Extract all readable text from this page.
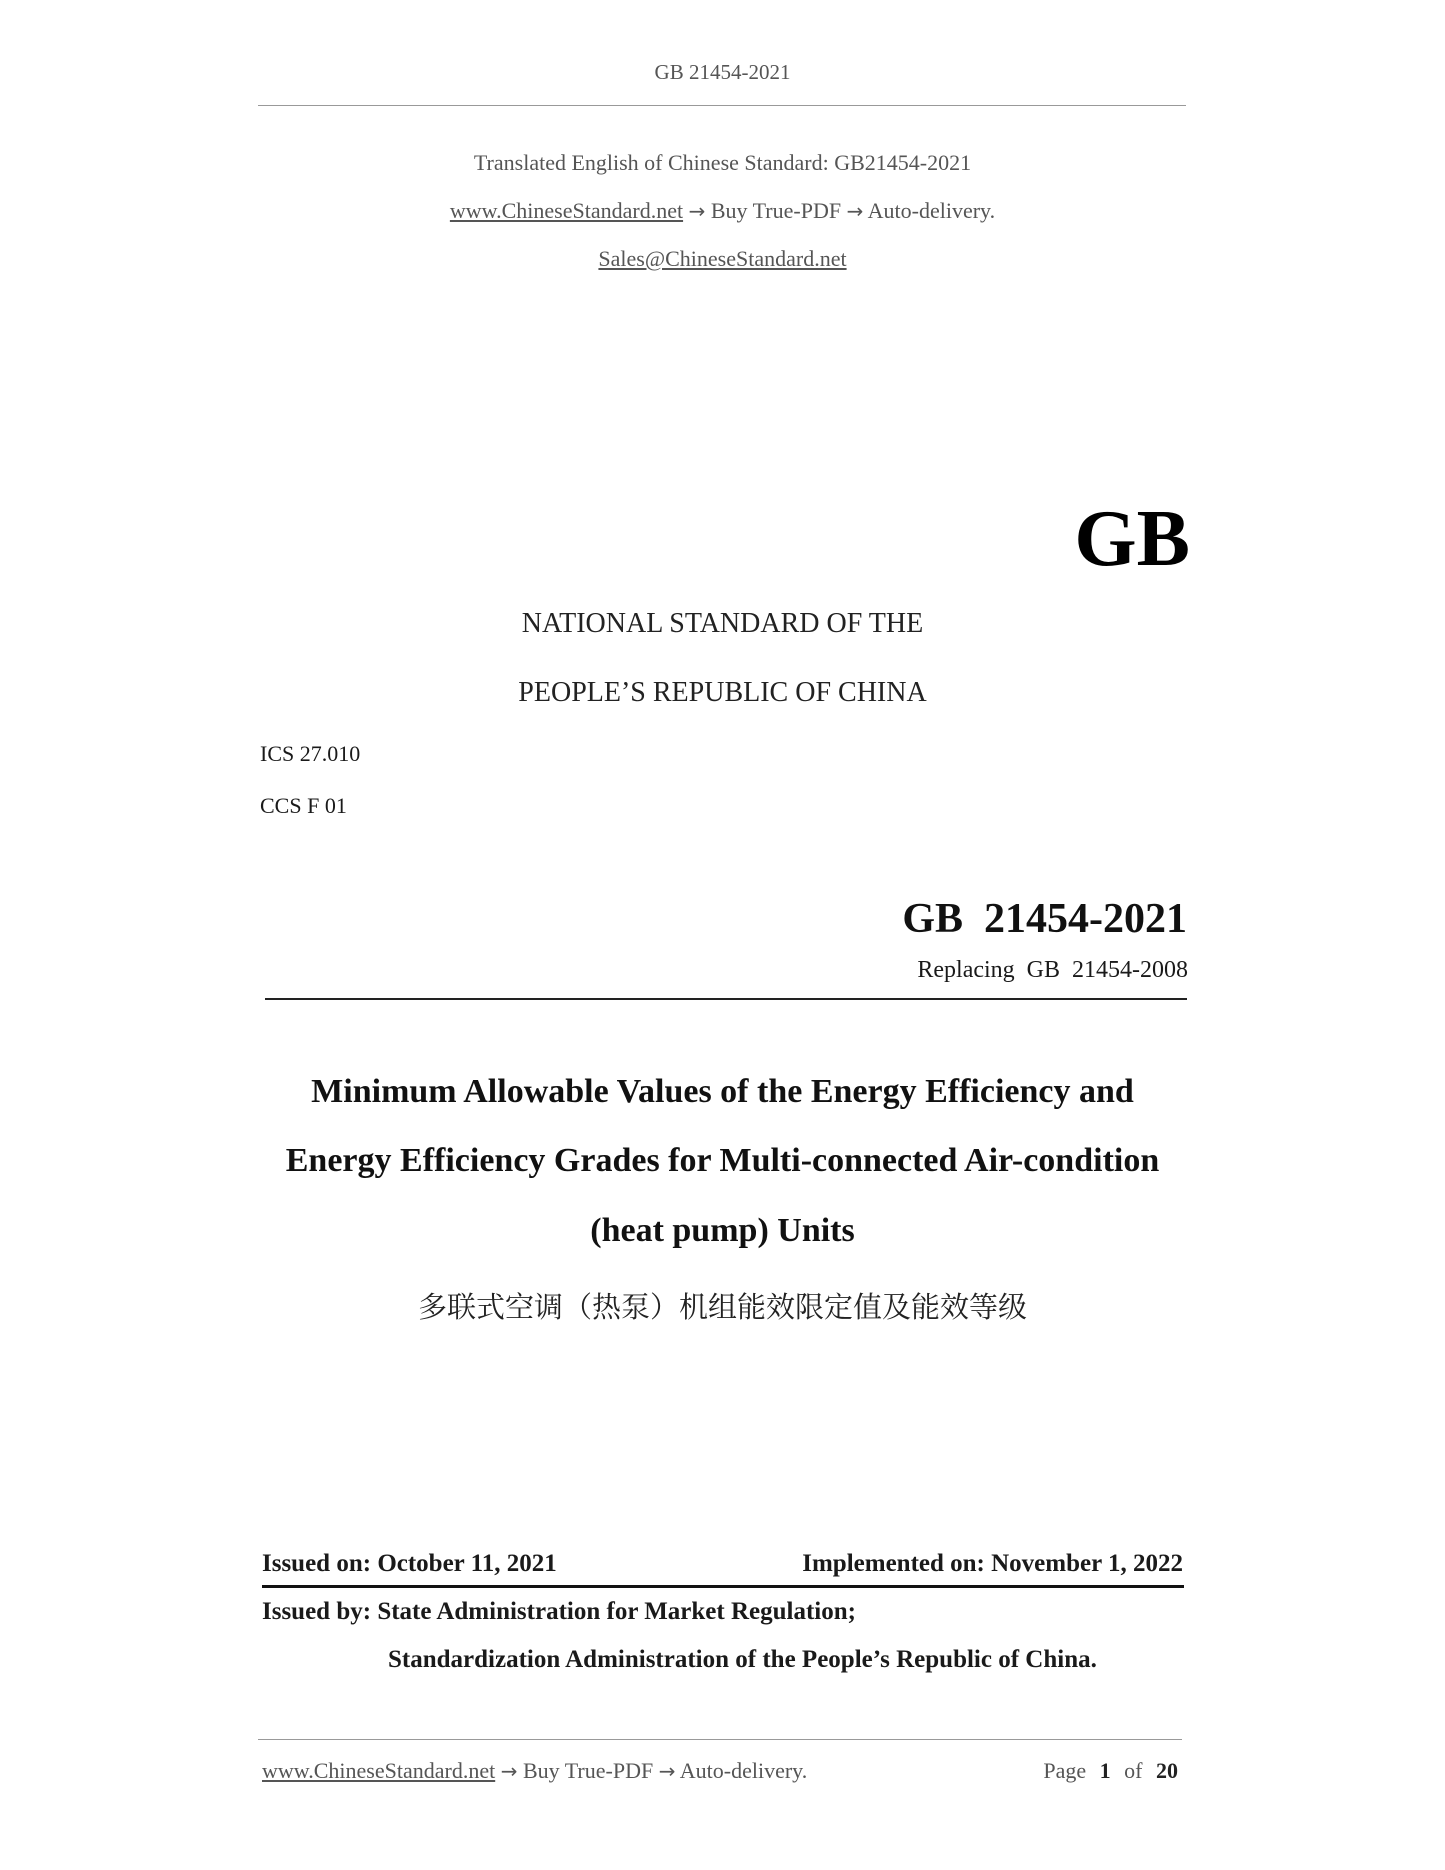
GB 21454-2021
Translated English of Chinese Standard: GB21454-2021
www.ChineseStandard.net → Buy True-PDF → Auto-delivery.
Sales@ChineseStandard.net
GB
NATIONAL STANDARD OF THE
PEOPLE’S REPUBLIC OF CHINA
ICS 27.010
CCS F 01
GB  21454-2021
Replacing  GB  21454-2008
Minimum Allowable Values of the Energy Efficiency and
Energy Efficiency Grades for Multi-connected Air-condition
(heat pump) Units
多联式空调（热泵）机组能效限定值及能效等级
Issued on: October 11, 2021	Implemented on: November 1, 2022
Issued by: State Administration for Market Regulation;
Standardization Administration of the People’s Republic of China.
www.ChineseStandard.net → Buy True-PDF → Auto-delivery.	Page 1 of 20
